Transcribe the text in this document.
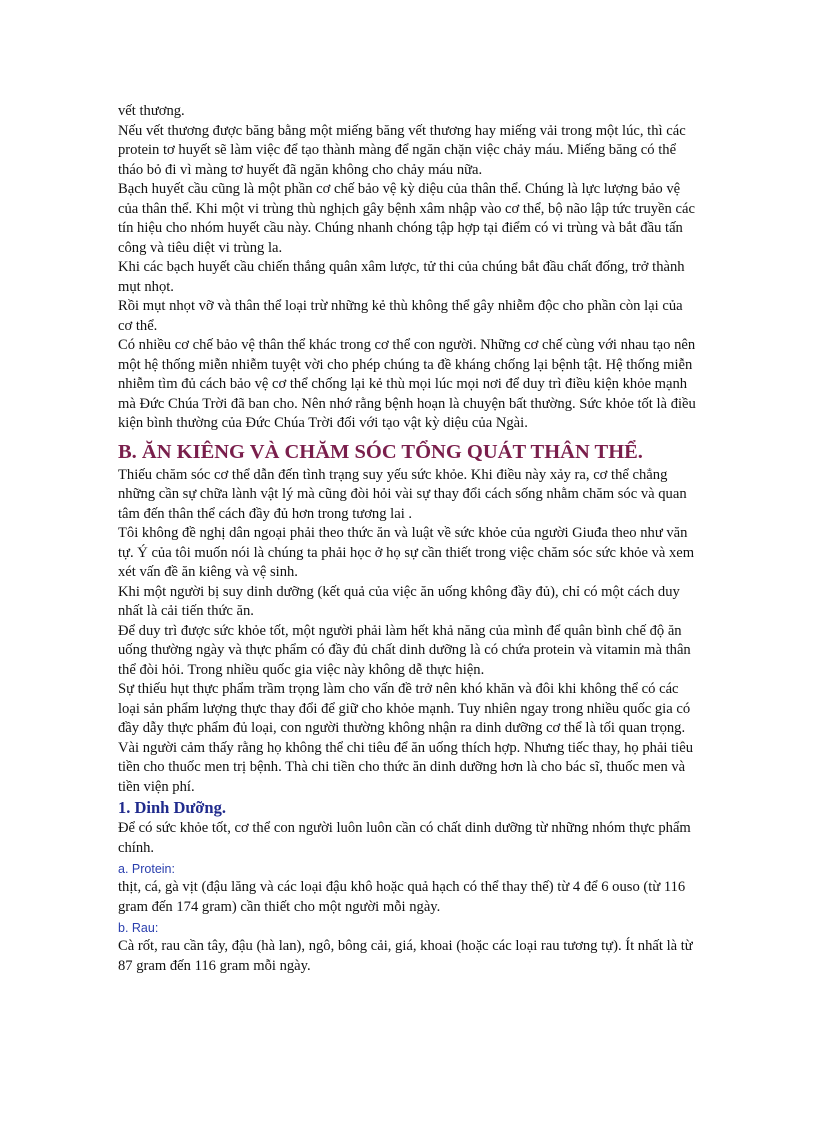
vết thương.

Nếu vết thương được băng bằng một miếng băng vết thương hay miếng vải trong một lúc, thì các protein tơ huyết sẽ làm việc để tạo thành màng để ngăn chặn việc chảy máu. Miếng băng có thể tháo bỏ đi vì màng tơ huyết đã ngăn không cho chảy máu nữa.

Bạch huyết cầu cũng là một phần cơ chế bảo vệ kỳ diệu của thân thể. Chúng là lực lượng bảo vệ của thân thể. Khi một vi trùng thù nghịch gây bệnh xâm nhập vào cơ thể, bộ não lập tức truyền các tín hiệu cho nhóm huyết cầu này. Chúng nhanh chóng tập hợp tại điểm có vi trùng và bắt đầu tấn công và tiêu diệt vi trùng la.

Khi các bạch huyết cầu chiến thắng quân xâm lược, tử thi của chúng bắt đầu chất đống, trở thành mụt nhọt.

Rồi mụt nhọt vỡ và thân thể loại trừ những kẻ thù không thể gây nhiễm độc cho phần còn lại của cơ thể.

Có nhiều cơ chế bảo vệ thân thể khác trong cơ thể con người. Những cơ chế cùng với nhau tạo nên một hệ thống miễn nhiễm tuyệt vời cho phép chúng ta đề kháng chống lại bệnh tật. Hệ thống miễn nhiễm tìm đủ cách bảo vệ cơ thể chống lại kẻ thù mọi lúc mọi nơi để duy trì điều kiện khỏe mạnh mà Đức Chúa Trời đã ban cho. Nên nhớ rằng bệnh hoạn là chuyện bất thường. Sức khỏe tốt là điều kiện bình thường của Đức Chúa Trời đối với tạo vật kỳ diệu của Ngài.

B. ĂN KIÊNG VÀ CHĂM SÓC TỔNG QUÁT THÂN THỂ.

Thiếu chăm sóc cơ thể dẫn đến tình trạng suy yếu sức khỏe. Khi điều này xảy ra, cơ thể chẳng những cần sự chữa lành vật lý mà cũng đòi hỏi vài sự thay đổi cách sống nhằm chăm sóc và quan tâm đến thân thể cách đầy đủ hơn trong tương lai .

Tôi không đề nghị dân ngoại phải theo thức ăn và luật về sức khỏe của người Giuđa theo như văn tự. Ý của tôi muốn nói là chúng ta phải học ở họ sự cần thiết trong việc chăm sóc sức khỏe và xem xét vấn đề ăn kiêng và vệ sinh.

Khi một người bị suy dinh dưỡng (kết quả của việc ăn uống không đầy đủ), chỉ có một cách duy nhất là cải tiến thức ăn.

Để duy trì được sức khỏe tốt, một người phải làm hết khả năng của mình để quân bình chế độ ăn uống thường ngày và thực phẩm có đầy đủ chất dinh dưỡng là có chứa protein và vitamin mà thân thể đòi hỏi. Trong nhiều quốc gia việc này không dễ thực hiện.

Sự thiếu hụt thực phẩm trầm trọng làm cho vấn đề trở nên khó khăn và đôi khi không thể có các loại sản phẩm lượng thực thay đổi để giữ cho khỏe mạnh. Tuy nhiên ngay trong nhiều quốc gia có đầy dẫy thực phẩm đủ loại, con người thường không nhận ra dinh dưỡng cơ thể là tối quan trọng.

Vài người cảm thấy rằng họ không thể chi tiêu để ăn uống thích hợp. Nhưng tiếc thay, họ phải tiêu tiền cho thuốc men trị bệnh. Thà chi tiền cho thức ăn dinh dưỡng hơn là cho bác sĩ, thuốc men và tiền viện phí.

1. Dinh Dưỡng.

Để có sức khỏe tốt, cơ thể con người luôn luôn cần có chất dinh dưỡng từ những nhóm thực phẩm chính.

a. Protein:

thịt, cá, gà vịt (đậu lăng và các loại đậu khô hoặc quả hạch có thể thay thế) từ 4 để 6 ouso (từ 116 gram đến 174 gram) cần thiết cho một người mỗi ngày.

b. Rau:

Cà rốt, rau cần tây, đậu (hà lan), ngô, bông cải, giá, khoai (hoặc các loại rau tương tự). Ít nhất là từ 87 gram đến 116 gram mỗi ngày.
